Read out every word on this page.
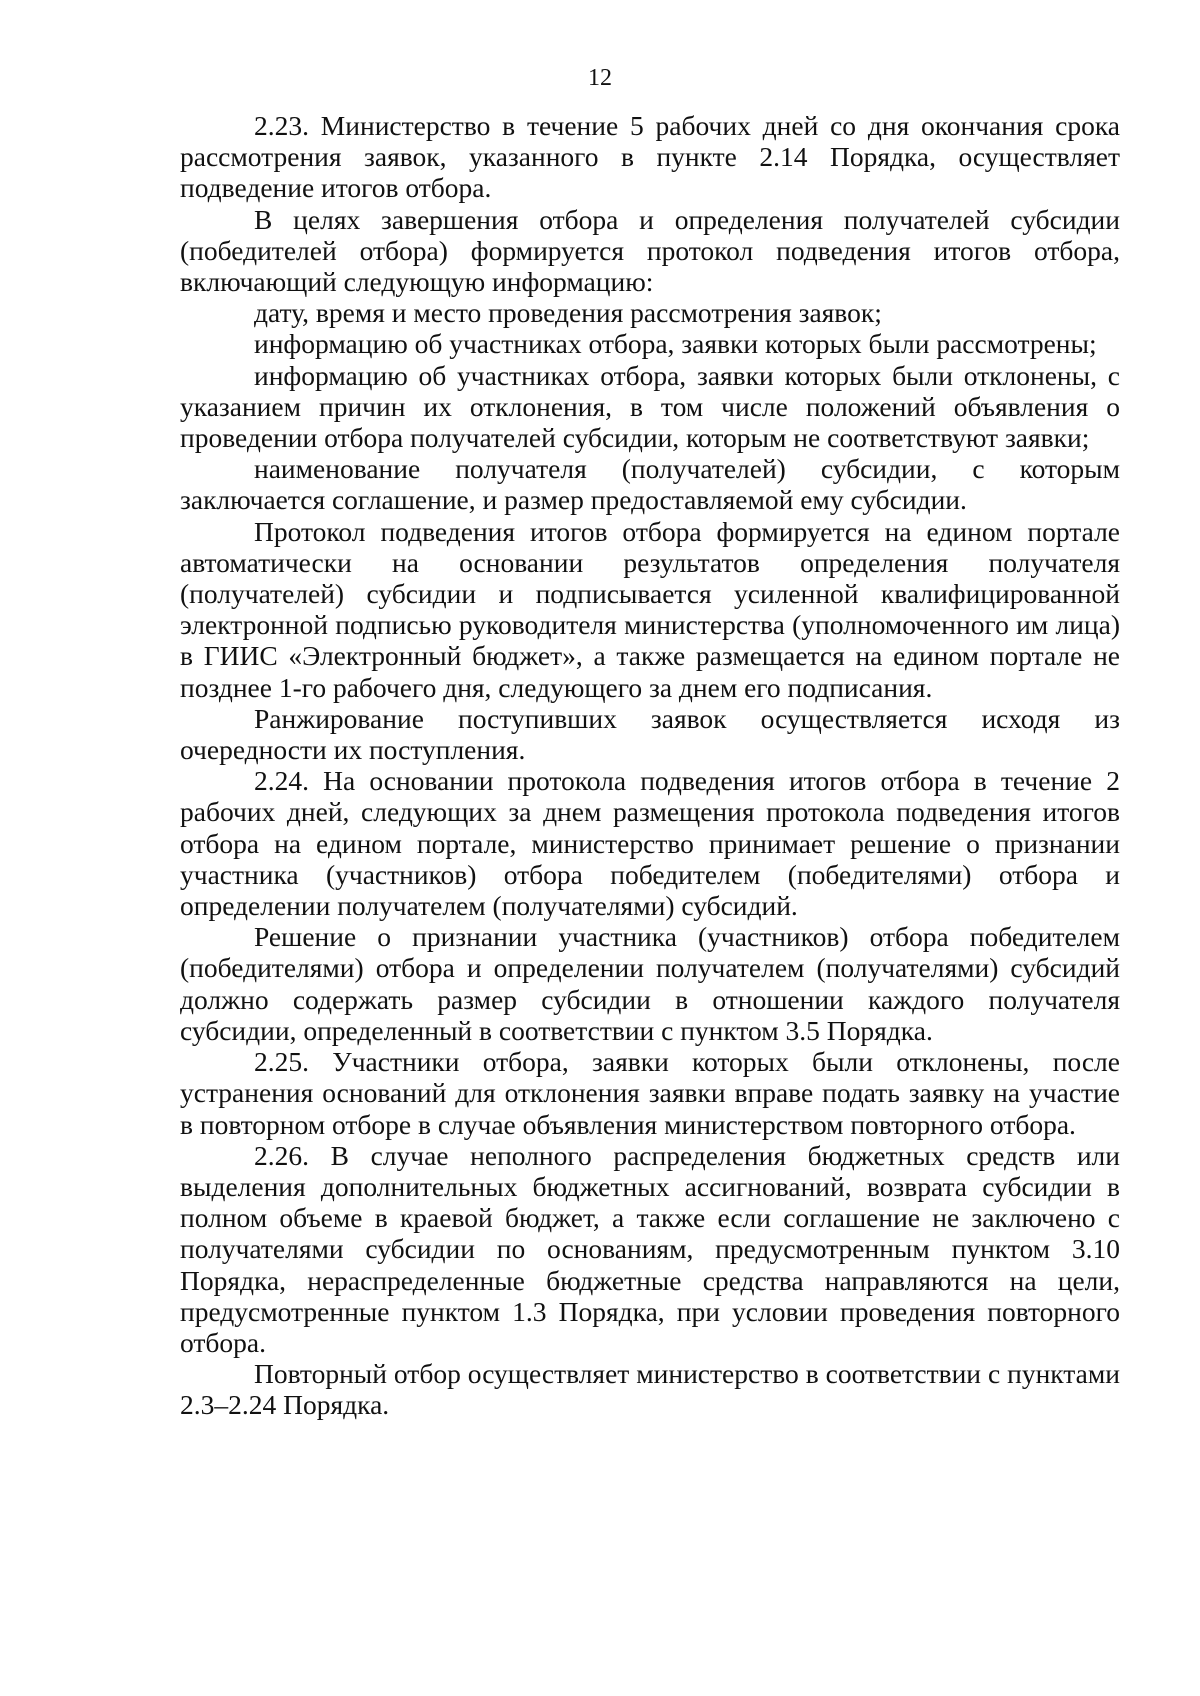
12

2.23. Министерство в течение 5 рабочих дней со дня окончания срока рассмотрения заявок, указанного в пункте 2.14 Порядка, осуществляет подведение итогов отбора.

В целях завершения отбора и определения получателей субсидии (победителей отбора) формируется протокол подведения итогов отбора, включающий следующую информацию:

дату, время и место проведения рассмотрения заявок;

информацию об участниках отбора, заявки которых были рассмотрены;

информацию об участниках отбора, заявки которых были отклонены, с указанием причин их отклонения, в том числе положений объявления о проведении отбора получателей субсидии, которым не соответствуют заявки;

наименование получателя (получателей) субсидии, с которым заключается соглашение, и размер предоставляемой ему субсидии.

Протокол подведения итогов отбора формируется на едином портале автоматически на основании результатов определения получателя (получателей) субсидии и подписывается усиленной квалифицированной электронной подписью руководителя министерства (уполномоченного им лица) в ГИИС «Электронный бюджет», а также размещается на едином портале не позднее 1-го рабочего дня, следующего за днем его подписания.

Ранжирование поступивших заявок осуществляется исходя из очередности их поступления.

2.24. На основании протокола подведения итогов отбора в течение 2 рабочих дней, следующих за днем размещения протокола подведения итогов отбора на едином портале, министерство принимает решение о признании участника (участников) отбора победителем (победителями) отбора и определении получателем (получателями) субсидий.

Решение о признании участника (участников) отбора победителем (победителями) отбора и определении получателем (получателями) субсидий должно содержать размер субсидии в отношении каждого получателя субсидии, определенный в соответствии с пунктом 3.5 Порядка.

2.25. Участники отбора, заявки которых были отклонены, после устранения оснований для отклонения заявки вправе подать заявку на участие в повторном отборе в случае объявления министерством повторного отбора.

2.26. В случае неполного распределения бюджетных средств или выделения дополнительных бюджетных ассигнований, возврата субсидии в полном объеме в краевой бюджет, а также если соглашение не заключено с получателями субсидии по основаниям, предусмотренным пунктом 3.10 Порядка, нераспределенные бюджетные средства направляются на цели, предусмотренные пунктом 1.3 Порядка, при условии проведения повторного отбора.

Повторный отбор осуществляет министерство в соответствии с пунктами 2.3–2.24 Порядка.
